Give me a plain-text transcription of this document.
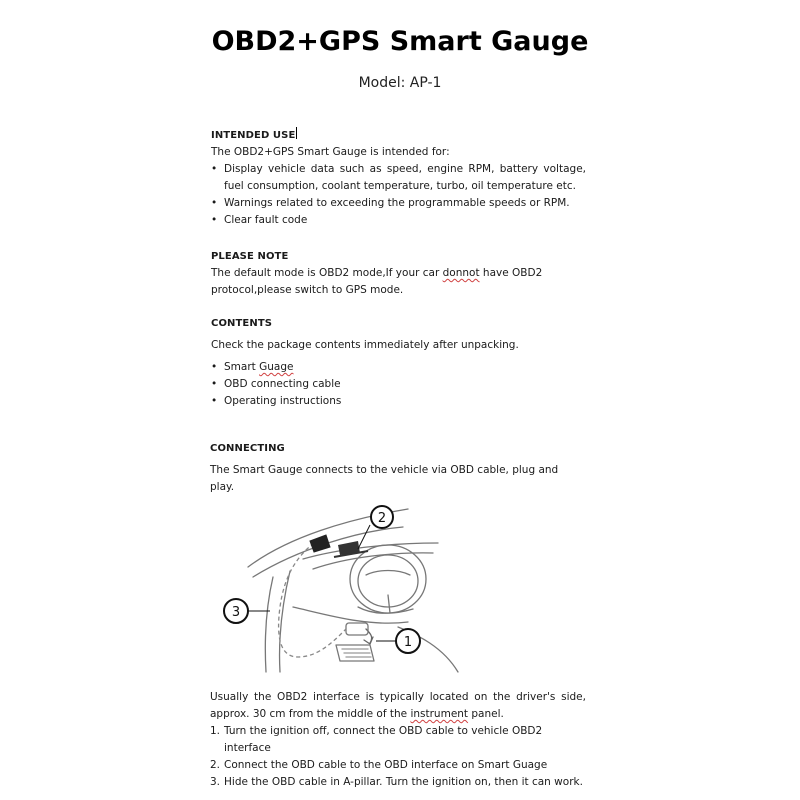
OBD2+GPS Smart Gauge
Model: AP-1
INTENDED USE

The OBD2+GPS Smart Gauge is intended for:

• Display vehicle data such as speed, engine RPM, battery voltage, fuel consumption, coolant temperature, turbo, oil temperature etc.
• Warnings related to exceeding the programmable speeds or RPM.
• Clear fault code
PLEASE NOTE

The default mode is OBD2 mode,If your car donnot have OBD2 protocol,please switch to GPS mode.

CONTENTS

Check the package contents immediately after unpacking.

• Smart Guage
• OBD connecting cable
• Operating instructions
CONNECTING

The Smart Gauge connects to the vehicle via OBD cable, plug and play.

2
3
1

Usually the OBD2 interface is typically located on the driver's side, approx. 30 cm from the middle of the instrument panel.

1. Turn the ignition off, connect the OBD cable to vehicle OBD2 interface
2. Connect the OBD cable to the OBD interface on Smart Guage
3. Hide the OBD cable in A-pillar. Turn the ignition on, then it can work.
